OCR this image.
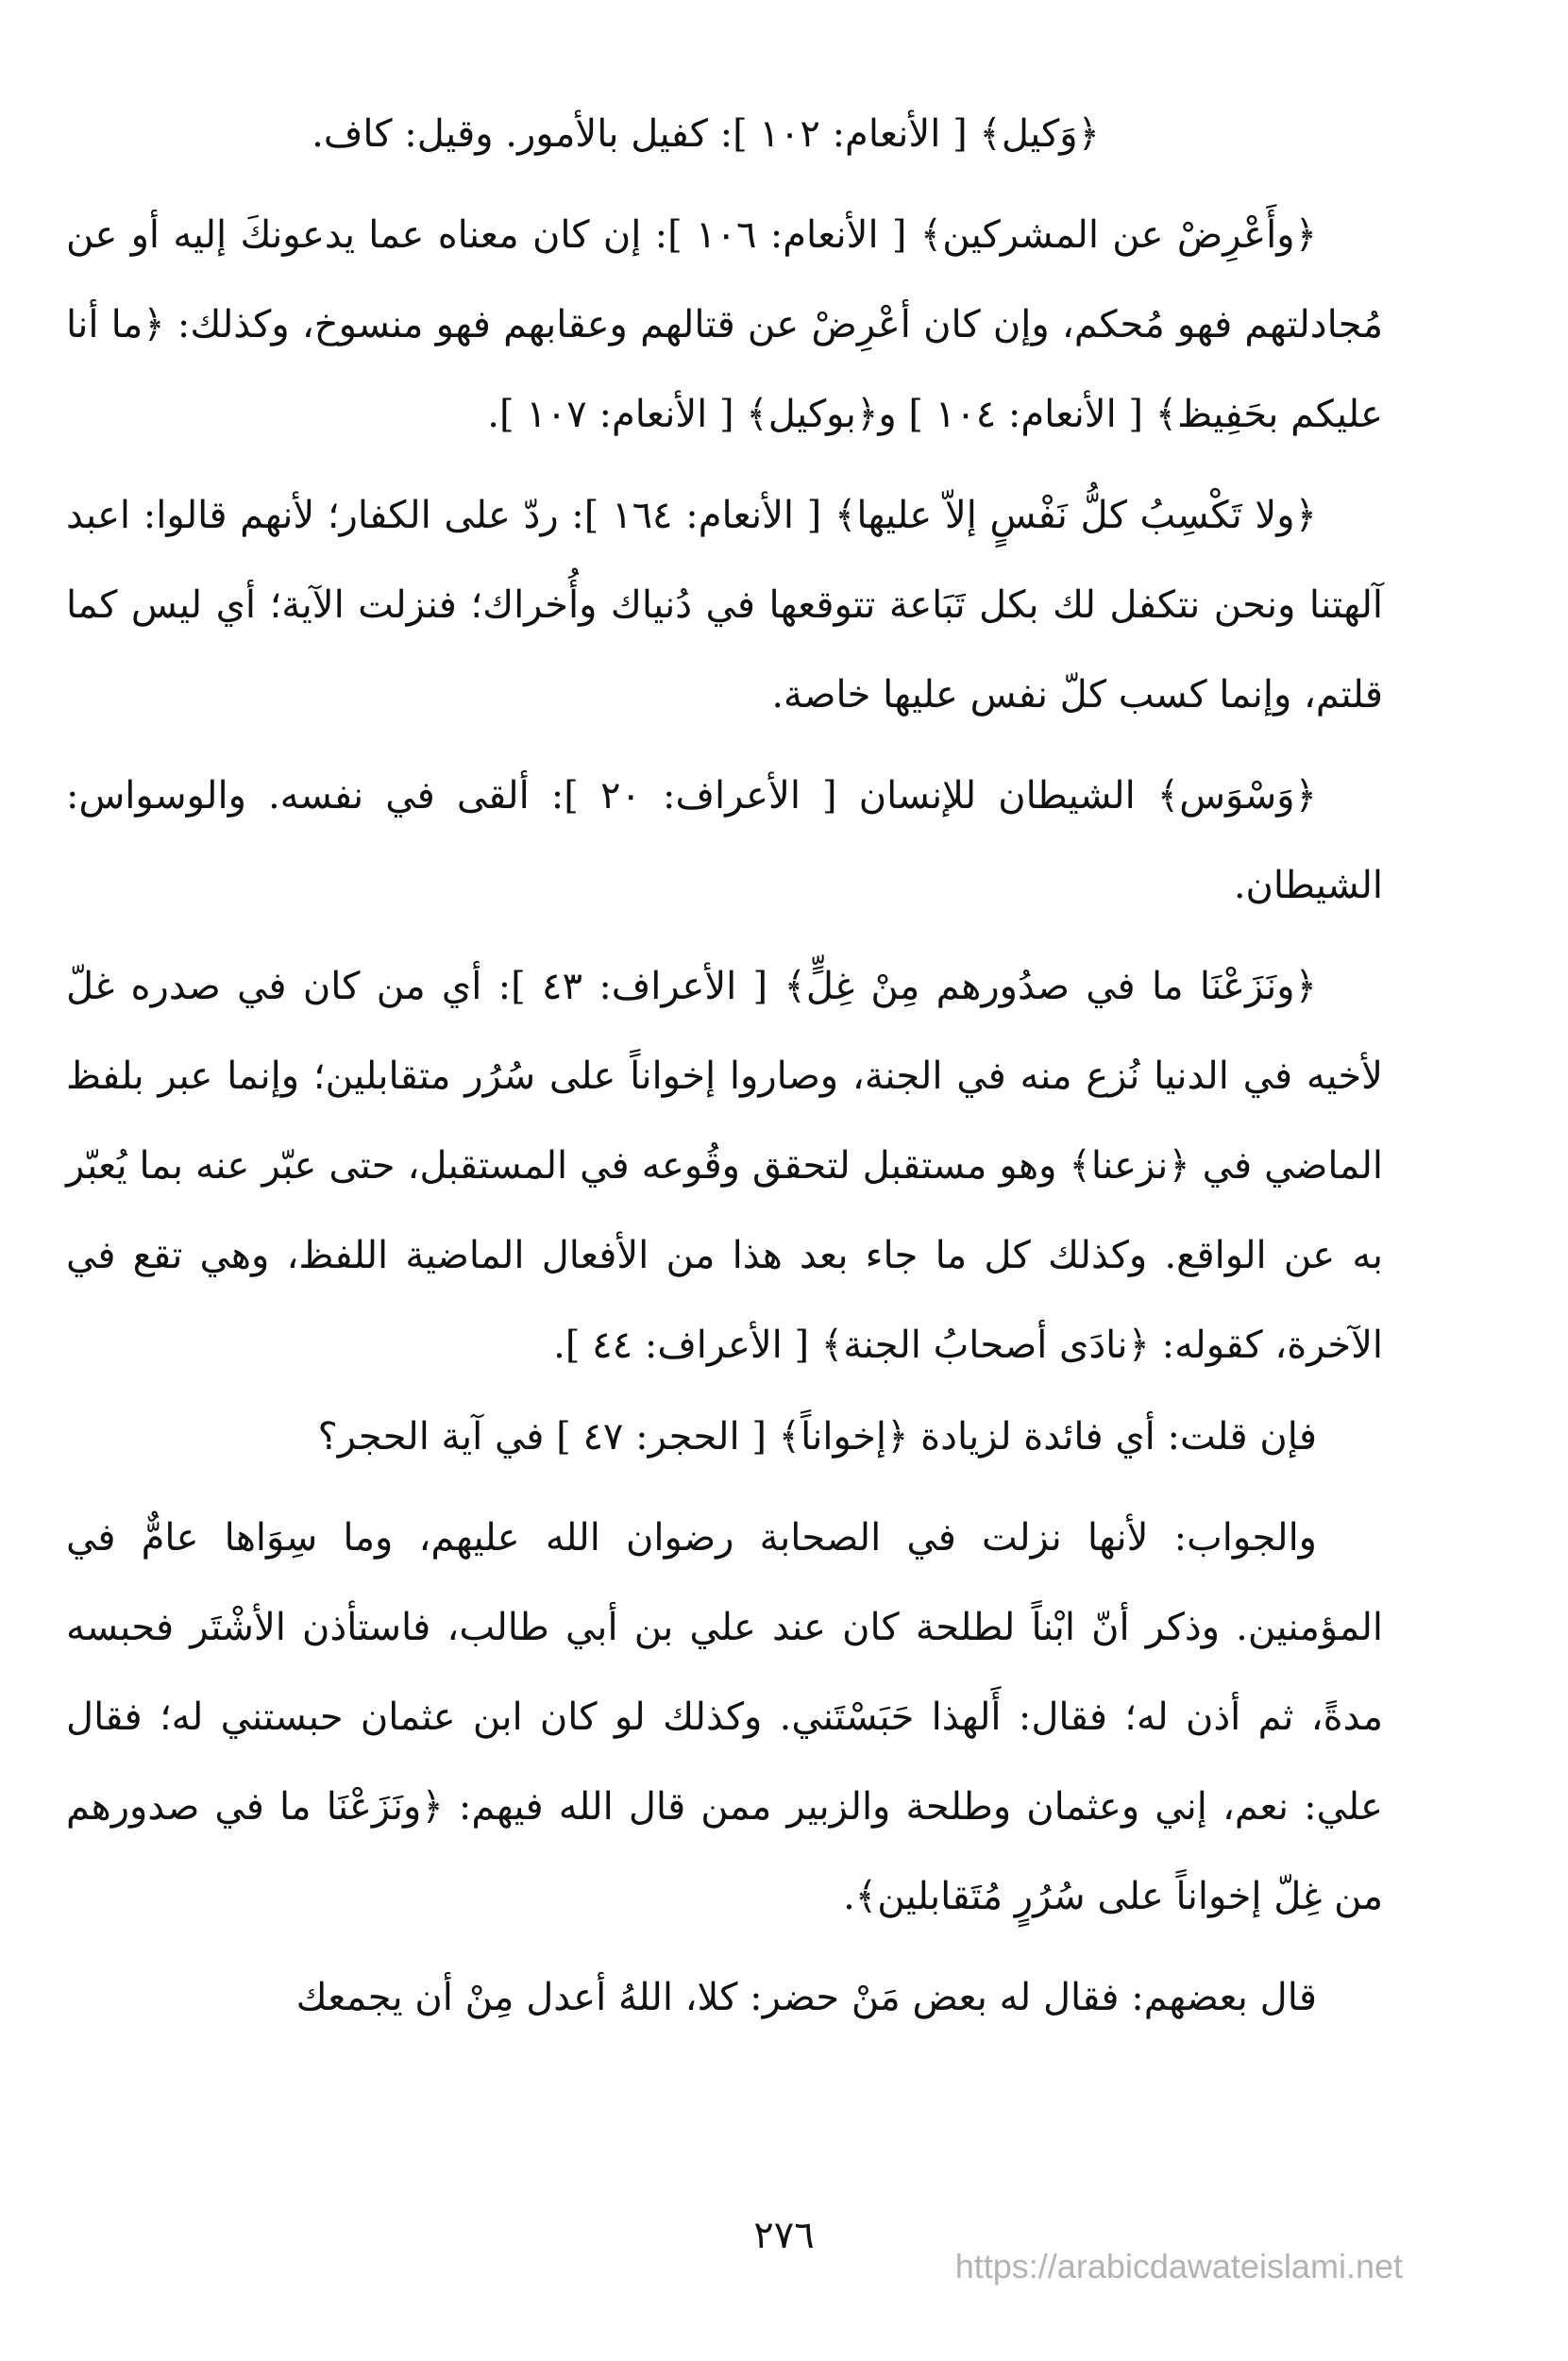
﴿وَكيل﴾ [ الأنعام: ١٠٢ ]: كفيل بالأمور. وقيل: كاف.

﴿وأَعْرِضْ عن المشركين﴾ [ الأنعام: ١٠٦ ]: إن كان معناه عما يدعونكَ إليه أو عن مُجادلتهم فهو مُحكم، وإن كان أعْرِضْ عن قتالهم وعقابهم فهو منسوخ، وكذلك: ﴿ما أنا عليكم بحَفِيظ﴾ [ الأنعام: ١٠٤ ] و﴿بوكيل﴾ [ الأنعام: ١٠٧ ].

﴿ولا تَكْسِبُ كلُّ نَفْسٍ إلاّ عليها﴾ [ الأنعام: ١٦٤ ]: ردّ على الكفار؛ لأنهم قالوا: اعبد آلهتنا ونحن نتكفل لك بكل تَبَاعة تتوقعها في دُنياك وأُخراك؛ فنزلت الآية؛ أي ليس كما قلتم، وإنما كسب كلّ نفس عليها خاصة.

﴿وَسْوَس﴾ الشيطان للإنسان [ الأعراف: ٢٠ ]: ألقى في نفسه. والوسواس: الشيطان.

﴿ونَزَعْنَا ما في صدُورهم مِنْ غِلٍّ﴾ [ الأعراف: ٤٣ ]: أي من كان في صدره غلّ لأخيه في الدنيا نُزع منه في الجنة، وصاروا إخواناً على سُرُر متقابلين؛ وإنما عبر بلفظ الماضي في ﴿نزعنا﴾ وهو مستقبل لتحقق وقُوعه في المستقبل، حتى عبّر عنه بما يُعبّر به عن الواقع. وكذلك كل ما جاء بعد هذا من الأفعال الماضية اللفظ، وهي تقع في الآخرة، كقوله: ﴿نادَى أصحابُ الجنة﴾ [ الأعراف: ٤٤ ].

فإن قلت: أي فائدة لزيادة ﴿إخواناً﴾ [ الحجر: ٤٧ ] في آية الحجر؟

والجواب: لأنها نزلت في الصحابة رضوان الله عليهم، وما سِوَاها عامٌّ في المؤمنين. وذكر أنّ ابْناً لطلحة كان عند علي بن أبي طالب، فاستأذن الأشْتَر فحبسه مدةً، ثم أذن له؛ فقال: أَلهذا حَبَسْتَني. وكذلك لو كان ابن عثمان حبستني له؛ فقال علي: نعم، إني وعثمان وطلحة والزبير ممن قال الله فيهم: ﴿ونَزَعْنَا ما في صدورهم من غِلّ إخواناً على سُرُرٍ مُتَقابلين﴾.

قال بعضهم: فقال له بعض مَنْ حضر: كلا، اللهُ أعدل مِنْ أن يجمعك

٢٧٦
https://arabicdawateislami.net
